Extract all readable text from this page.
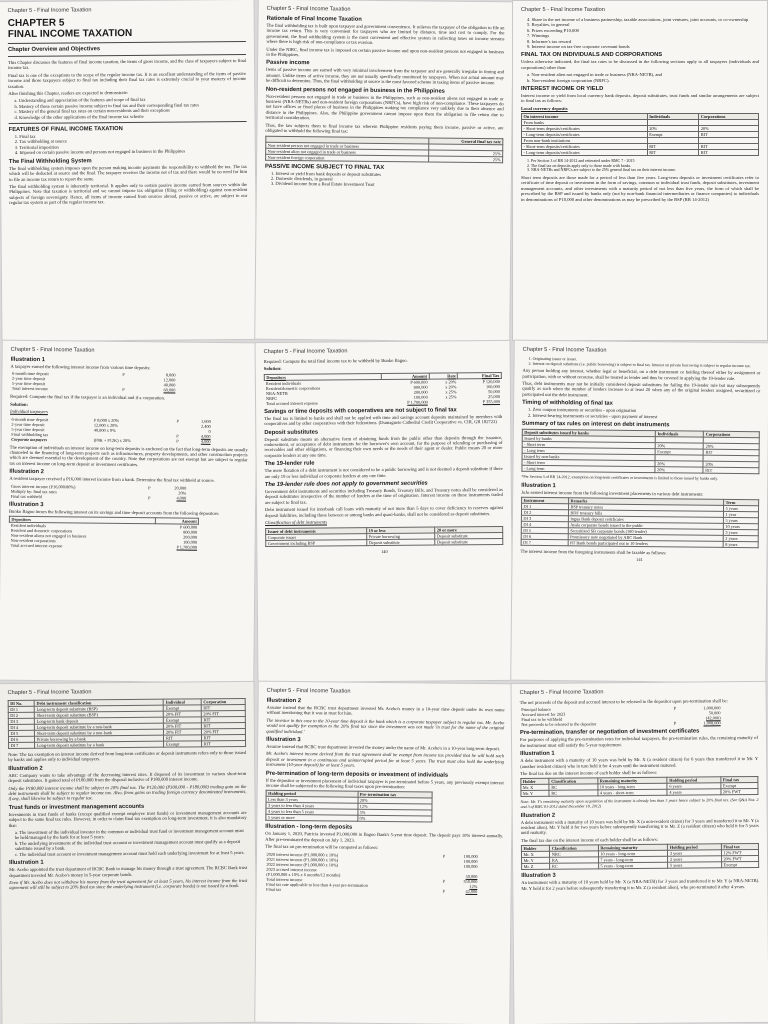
Chapter 5 - Final Income Taxation
CHAPTER 5
FINAL INCOME TAXATION
Chapter Overview and Objectives
This Chapter discusses the features of final income taxation, the items of gross income, and the class of taxpayers subject to final income tax.
Final tax is one of the exceptions to the scope of the regular income tax. It is an excellent understanding of the items of passive income and those taxpayers subject to final tax including their final tax rates is extremely crucial to your mastery of income taxation.
After finishing this Chapter, readers are expected to demonstrate:
a. Understanding and appreciation of the features and scope of final tax
b. Mastery of those certain passive income subject to final tax and their corresponding final tax rates
c. Mastery of the general final tax rates on certain non-residents and their exceptions
d. Knowledge of the other applications of the final income tax scheme
FEATURES OF FINAL INCOME TAXATION
1. Final tax
2. Tax withholding at source
3. Territorial imposition
4. Imposed on certain passive income and persons not engaged in business in the Philippines
The Final Withholding System
The final withholding system imposes upon the person making income payments the responsibility to withhold the tax. The tax which will be deducted at source and the final. The taxpayer receives the income net of tax and there would be no need for him to file an income tax return to report the same.
The final withholding system is inherently territorial. It applies only to certain passive income earned from sources within the Philippines. Note that taxation is territorial and we cannot impose tax obligation (filing or withholding) against non-resident subjects of foreign sovereignty. Hence, all items of income earned from sources abroad, passive or active, are subject to our regular tax system as part of the regular income tax.
Chapter 5 - Final Income Taxation
Rationale of Final Income Taxation
The final withholding tax is built upon taxpayer and government convenience. It relieves the taxpayer of the obligation to file an income tax return. This is very convenient for taxpayers who are limited by distance, time and cost to comply. For the government, the final withholding system is the most convenient and effective system in collecting taxes on income streams where there is high risk of non-compliance or tax evasion.
Under the NIRC, final income tax is imposed on certain passive income and upon non-resident persons not engaged in business in the Philippines.
Passive income
Items of passive income are earned with very minimal involvement from the taxpayer and are generally irregular in timing and amount. Unlike items of active income, they are not usually specifically monitored by taxpayers. When not actual amount may be difficult to determine. Thus, the final withholding at source is the most favored scheme in taxing items of passive income.
Non-resident persons not engaged in business in the Philippines
Non-resident persons not engaged in trade or business in the Philippines, such as non-resident aliens not engaged in trade or business (NRA-NETBs) and non-resident foreign corporations (NRFCs), have high risk of non-compliance. These taxpayers do not have offices or fixed places of business in the Philippines making tax compliance very unlikely due to their absence and distance in the Philippines. Also, the Philippine government cannot impose upon them the obligation to file return due to territorial consideration.
Thus, the law subjects them to final income tax wherein Philippine residents paying them income, passive or active, are obligated to withhold the following final tax:
	General final tax rate
Non-resident person not engaged in trade or business	
Non-resident alien not engaged in trade or business	25%
Non-resident foreign corporation	25%
PASSIVE INCOME SUBJECT TO FINAL TAX
1. Interest or yield from bank deposits or deposit substitutes
2. Domestic dividends, in general
3. Dividend income from a Real Estate Investment Trust
Chapter 5 - Final Income Taxation
4. Share in the net income of a business partnership, taxable associations, joint ventures, joint accounts, or co-ownership
5. Royalties, in general
6. Prizes exceeding P10,000
7. Winnings
8. Informer's tax reward
9. Interest income on tax-free corporate covenant bonds
FINAL TAX ON INDIVIDUALS AND CORPORATIONS
Unless otherwise indicated, the final tax rates to be discussed in the following sections apply to all taxpayers (individuals and corporations) other than:
a. Non-resident alien not engaged in trade or business (NRA-NETB), and
b. Non-resident foreign corporation (NRFC).
INTEREST INCOME OR YIELD
Interest income or yield from local currency bank deposits, deposit substitutes, trust funds and similar arrangements are subject to final tax as follows:
Local currency deposits
On interest income	Individuals	Corporations
From banks		
- Short-term deposits/certificates	20%	20%
- Long-term deposits/certificates	Exempt	RIT
From non-bank institutions		
- Short-term deposits/certificates	RIT	RIT
- Long-term deposits/certificates	RIT	RIT
1. Per Section 3 of RR 14-2012 and reiterated under RMC 7 - 2015
2. The final tax on deposits apply only to those made with banks.
3. NRA-NETBs and NRFCs are subject to the 25% general final tax on their interest income.
Short term deposits are those made for a period of less than five years. Long-term deposits or investment certificates refer to certificate of time deposit or investment in the form of savings, common or individual trust funds, deposit substitutes, investment management accounts, and other investments with a maturity period of not less than five years, the form of which shall be prescribed by the BSP and issued by banks only (not by non-bank financial intermediaries or finance companies) to individuals in denominations of P10,000 and other denominations as may be prescribed by the BSP (RR 14-2012)
Chapter 5 - Final Income Taxation
Illustration 1
A taxpayer earned the following interest income from various time deposits:
6-month time deposit	P	8,000
2-year time deposit		12,000
5-year time deposit		40,000
Total interest income	P	60,000
Required: Compute the final tax if the taxpayer is an individual and if a corporation.
Solution:
Individual taxpayers
6-month time deposit	P 8,000 x 20%	P	1,600
2-year time deposit	12,000 x 20%		2,400
5-year time deposit	40,000 x 0%		0
Final withholding tax		P	4,000
Corporate taxpayers	(P8K + P12K) x 20%	P	4,000
The exemption of individuals on interest income on long-term deposits is anchored on the fact that long-term deposits are usually channeled to the financing of long-term projects such as infrastructures, property developments, and other construction projects which are deemed essential to the development of the country. Note that corporations are not exempt but are subject to regular tax on interest income on long-term deposit or investment certificates.
Illustration 2
A resident taxpayer received a P16,000 interest income from a bank. Determine the final tax withheld at source.
Gross interest income (P16,000/80%)	P	20,000
Multiply by: final tax rates		20%
Final tax withheld	P	4,000
Illustration 3
Bunko Bagoo incurs the following interest on its savings and time deposit accounts from the following depositors:
Depositors	Amount
Resident individuals	P 600,000
Resident and domestic corporations	800,000
Non-resident aliens not engaged in business	200,000
Non-resident corporations	100,000
Total accrued interest expense	P 1,700,000
Chapter 5 - Final Income Taxation
Required: Compute the total final income tax to be withheld by Bunko Bagoo.
Solution:
Depositors	Amount	Rate	Final Tax
Resident individuals	P 600,000	x 20%	P 120,000
Resident/domestic corporations	800,000	x 20%	160,000
NRA-NETB	200,000	x 25%	50,000
NRFC	100,000	x 25%	25,000
Total accrued interest expense	P 1,700,000		P 355,000
Savings or time deposits with cooperatives are not subject to final tax
The final tax is limited to banks and shall not be applied with time and savings account deposits maintained by members with cooperatives and by other cooperatives with their federations. (Dumaguete Cathedral Credit Cooperative vs. CIR, GR 182722)
Deposit substitutes
Deposit substitute means an alternative form of obtaining funds from the public other than deposits through the issuance, endorsement, or acceptance of debt instruments for the borrower's own account, for the purpose of relending or purchasing of receivables and other obligations, or financing their own needs or the needs of their agent or dealer. Public means 20 or more corporate lenders at any one time.
The 19-lender rule
The mere flotation of a debt instrument is not considered to be a public borrowing and is not deemed a deposit substitute if there are only 19 or less individual or corporate lenders at any one time.
The 19-lender rule does not apply to government securities
Government debt instruments and securities including Treasury Bonds, Treasury Bills, and Treasury notes shall be considered as deposit substitutes irrespective of the number of lenders at the time of origination. Interest income on these instruments traded are subject to final tax.
Debt instrument issued for interbank call loans with maturity of not more than 5 days to cover deficiency in reserves against deposit liabilities, including those between or among banks and quasi-banks, shall not be considered as deposit substitutes.
Classification of debt instruments
Issuer of debt instruments	19 or less	20 or more
Corporate issuer	Private borrowing	Deposit substitute
Government including BSP	Deposit substitute	Deposit substitute
140
Chapter 5 - Final Income Taxation
1. Originating issuer or issuer.
2. Interest on deposit substitute (i.e. public borrowing) is subject to final tax. Interest on private borrowing is subject to regular income tax.
Any person holding any interest, whether legal or beneficial, on a debt instrument or holding thereof either by assignment or participation, with or without recourse, shall be treated as lender and thus be covered in applying the 19-lender rule.
Thus, debt instruments may not be initially considered deposit substitutes for failing the 19-lender rule but may subsequently qualify as such when the number of lenders increase to at least 20 when any of the original lenders assigned, securitized or participated out the debt instrument.
Timing of withholding of final tax
1. Zero coupon instruments or securities - upon origination
2. Interest-bearing instruments or securities - upon payment of interest
Summary of tax rules on interest on debt instruments
Deposit substitutes issued by banks	Individuals	Corporations
Issued by banks		
- Short term	20%	20%
- Long term	Exempt	RIT
Issued by non-banks		
- Short term	20%	20%
- Long term	20%	RIT
*Per Section 3 of RR 14-2012, exemption on long-term certificates or investments is limited to those issued by banks only.
Illustration 1
JoJo earned interest income from the following investment placements in various debt instruments:
Instrument	Remarks	Term
DI 1	BSP treasury notes	5 years
DI 2	BDF treasury bills	1 year
DI 3	Ingua Bank deposit certificates	5 years
DI 4	Ayala corporate bonds issued to the public	10 years
DI 5	Securitized SB corporate bonds (100 lender)	3 years
DI 6	Promissory note negotiated by ABC Bank	2 years
DI 7	RT Bank bonds participated out to 10 lenders	8 years
The interest income from the foregoing instruments shall be taxable as follows:
141
Chapter 5 - Final Income Taxation
DI No.	Debt instrument classification	Individual	Corporation
DI 1	Long-term deposit substitute (BSP)	Exempt	RIT
DI 2	Short-term deposit substitute (BSP)	20% FIT	20% FIT
DI 3	Long-term bank deposit	Exempt	RIT
DI 4	Long-term deposit substitute by a non-bank	20% FIT	RIT
DI 5	Short-term deposit substitute by a non-bank	20% FIT	20% FIT
DI 6	Private borrowing by a bank	RIT	RIT
DI 7	Long-term deposit substitute by a bank	Exempt	RIT
Note: The tax exemption on interest income derived from long-term certificates or deposit instruments refers only to those issued by banks and applies only to individual taxpayers.
Illustration 2
ABC Company wants to take advantage of the decreasing interest rates. It disposed of its investment in various short-term deposit substitutes. It gained total of P100,000 from the disposal inclusive of P180,000 interest income.
Only the P180,000 interest income shall be subject to 20% final tax. The P120,000 (P300,000 - P180,000) trading gain on the debt instruments shall be subject to regular income tax. Also, firms gains on trading foreign currency denominated instruments, if any, shall likewise be subject to regular tax.
Trust funds or investment management accounts
Investments in trust funds of banks (except qualified exempt employee trust funds) or investment management accounts are subject to the same final tax rules. However, in order to claim final tax exemption on long-term investment, it is also mandatory that:
a. The investment of the individual investor in the common or individual trust fund or investment management account must be held/managed by the bank for at least 5 years.
b. The underlying investments of the individual trust account or investment management account must qualify as a deposit substitute issued by a bank.
c. The individual trust account or investment management account must hold each underlying investment for at least 5 years.
Illustration 1
Mr. Acebo appointed the trust department of RCBC Bank to manage his money through a trust agreement. The RCBC Bank trust department invested Mr. Acebo's money in 5-year corporate bonds.
Even if Mr. Acebo does not withdraw his money from the trust agreement for at least 5 years, his interest income from the trust agreement will still be subject to 20% final tax since the underlying instrument (i.e. corporate bonds) is not issued by a bank.
Chapter 5 - Final Income Taxation
Illustration 2
Assume instead that the RCBC trust department invested Mr. Acebo's money in a 10-year time deposit under its own name without mentioning that it was in trust for him.
The investor in this case to the 10-year time deposit is the bank which is a corporate taxpayer subject to regular tax. Mr. Acebo would not qualify for exemption to the 20% final tax since the investment was not made 'in trust for the name of the original qualified individual.'
Illustration 3
Assume instead that RCBC trust department invested the money under the name of Mr. Acebo's in a 10-year long-term deposit.
Mr. Acebo's interest income derived from the trust agreement shall be exempt from income tax provided that he will hold such deposit or investment in a continuous and uninterrupted period for at least 5 years. The trust must also hold the underlying instrument (10-year deposit) for at least 5 years.
Pre-termination of long-term deposits or investment of individuals
If the depositor or investment placement of individual taxpayer is pre-terminated before 5 years, any previously exempt interest income shall be subjected to the following final taxes upon pre-termination:
Holding period	Pre-termination tax
Less than 3 years	20%
3 years to less than 4 years	12%
4 years to less than 5 years	5%
5 years or more	0%
Illustration - long-term deposits
On January 1, 2020, Patricia invested P1,000,000 in Bagoo Bank's 5-year time deposit. The deposit pays 10% interest annually. After pre-terminated the deposit on July 1, 2023.
The final tax on pre-termination will be computed as follows:
2020 interest income (P1,000,000 x 10%)	P	100,000
2021 interest income (P1,000,000 x 10%)		100,000
2022 interest income (P1,000,000 x 10%)		100,000
2023 accrued interest income		
(P1,000,000 x 10% x 6 months/12 months)		50,000
Total interest income	P	350,000
Final tax rate applicable to less than 4-year pre-termination		12%
Final tax	P	42,000
Chapter 5 - Final Income Taxation
The net proceeds of the deposit and accrued interest to be released to the depositor upon pre-termination shall be:
Principal balance	P	1,000,000
Accrued interest for 2023		50,000
Final tax to be withheld		(42,000)
Net proceeds to be released to the depositor	P	1,008,000
Pre-termination, transfer or negotiation of investment certificates
For purposes of applying the pre-termination rates for individual taxpayers, the pre-termination rules, the remaining maturity of the instrument must still satisfy the 5-year requirement.
Illustration 1
A debt instrument with a maturity of 10 years was held by Mr. X (a resident citizen) for 6 years then transferred it to Mr. Y (another resident citizen) who in turn held it for 4 years until the instrument matured.
The final tax due on the interest income of each holder shall be as follows:
Holder	Classification	Remaining maturity	Holding period	Final tax
Mr. X	RC	10 years - long-term	6 years	Exempt
Mr. Y	RC	4 years - short-term	4 years	20% FWT
Note: Mr. Y's remaining maturity upon acquisition of the instrument is already less than 5 years hence subject to 20% final tax. (See Q&A Nos. 2 and 3 of RMC 81-2012 dated December 18, 2012)
Illustration 2
A debt instrument with a maturity of 10 years was held by Mr. X (a non-resident citizen) for 3 years and transferred it to Mr. Y (a resident alien). Mr. Y held it for two years before subsequently transferring it to Mr. Z (a resident citizen) who held it for 5 years until maturity.
The final tax due on the interest income of each holder shall be as follows:
Holder	Classification	Remaining maturity	Holding period	Final tax
Mr. X	NRC	10 years - long-term	3 years	12% FWT
Mr. Y	RA	7 years - long-term	2 years	20% FWT
Mr. Z	RC	5 years - long-term	5 years	Exempt
Illustration 3
An instrument with a maturity of 10 years held by Mr. X (a NRA-NETB) for 3 years and transferred it to Mr. Y (a NRA-NETB). Mr. Y held it for 2 years before subsequently transferring it to Mr. Z (a resident alien), who pre-terminated it after 4 years.
